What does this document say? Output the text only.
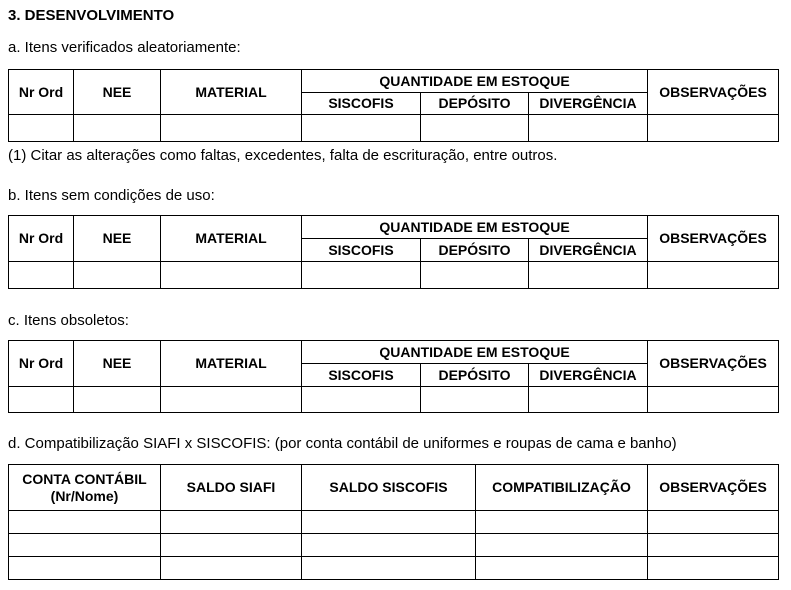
3. DESENVOLVIMENTO
a. Itens verificados aleatoriamente:
Nr Ord	NEE	MATERIAL	QUANTIDADE EM ESTOQUE			OBSERVAÇÕES
			SISCOFIS	DEPÓSITO	DIVERGÊNCIA	

(1) Citar as alterações como faltas, excedentes, falta de escrituração, entre outros.
b. Itens sem condições de uso:
Nr Ord	NEE	MATERIAL	QUANTIDADE EM ESTOQUE			OBSERVAÇÕES
			SISCOFIS	DEPÓSITO	DIVERGÊNCIA	

c. Itens obsoletos:
Nr Ord	NEE	MATERIAL	QUANTIDADE EM ESTOQUE			OBSERVAÇÕES
			SISCOFIS	DEPÓSITO	DIVERGÊNCIA	

d. Compatibilização SIAFI x SISCOFIS: (por conta contábil de uniformes e roupas de cama e banho)
CONTA CONTÁBIL
(Nr/Nome)	SALDO SIAFI	SALDO SISCOFIS	COMPATIBILIZAÇÃO	OBSERVAÇÕES
